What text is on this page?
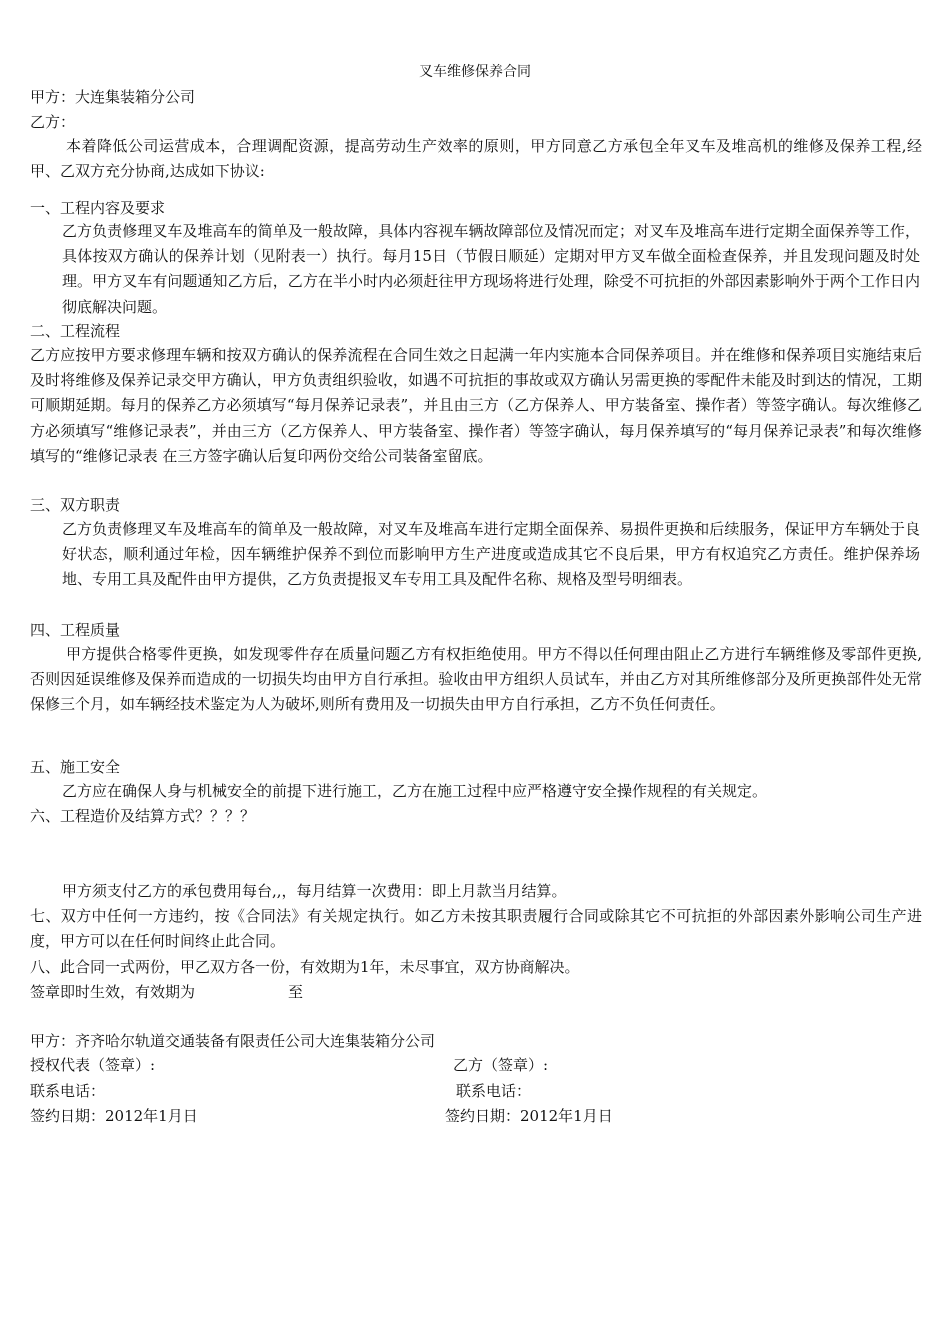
叉车维修保养合同
甲方：大连集装箱分公司
乙方：
本着降低公司运营成本，合理调配资源，提高劳动生产效率的原则，甲方同意乙方承包全年叉车及堆高机的维修及保养工程,经甲、乙双方充分协商,达成如下协议:
一、工程内容及要求
乙方负责修理叉车及堆高车的简单及一般故障，具体内容视车辆故障部位及情况而定；对叉车及堆高车进行定期全面保养等工作，具体按双方确认的保养计划（见附表一）执行。每月15日（节假日顺延）定期对甲方叉车做全面检查保养，并且发现问题及时处理。甲方叉车有问题通知乙方后，乙方在半小时内必须赶往甲方现场将进行处理，除受不可抗拒的外部因素影响外于两个工作日内彻底解决问题。
二、工程流程
乙方应按甲方要求修理车辆和按双方确认的保养流程在合同生效之日起满一年内实施本合同保养项目。并在维修和保养项目实施结束后及时将维修及保养记录交甲方确认，甲方负责组织验收，如遇不可抗拒的事故或双方确认另需更换的零配件未能及时到达的情况，工期可顺期延期。每月的保养乙方必须填写“每月保养记录表”，并且由三方（乙方保养人、甲方装备室、操作者）等签字确认。每次维修乙方必须填写“维修记录表”，并由三方（乙方保养人、甲方装备室、操作者）等签字确认，每月保养填写的“每月保养记录表”和每次维修填写的“维修记录表 在三方签字确认后复印两份交给公司装备室留底。
三、双方职责
乙方负责修理叉车及堆高车的简单及一般故障，对叉车及堆高车进行定期全面保养、易损件更换和后续服务，保证甲方车辆处于良好状态，顺利通过年检，因车辆维护保养不到位而影响甲方生产进度或造成其它不良后果，甲方有权追究乙方责任。维护保养场地、专用工具及配件由甲方提供，乙方负责提报叉车专用工具及配件名称、规格及型号明细表。
四、工程质量
甲方提供合格零件更换，如发现零件存在质量问题乙方有权拒绝使用。甲方不得以任何理由阻止乙方进行车辆维修及零部件更换,否则因延误维修及保养而造成的一切损失均由甲方自行承担。验收由甲方组织人员试车，并由乙方对其所维修部分及所更换部件处无常保修三个月，如车辆经技术鉴定为人为破坏,则所有费用及一切损失由甲方自行承担，乙方不负任何责任。
五、施工安全
乙方应在确保人身与机械安全的前提下进行施工，乙方在施工过程中应严格遵守安全操作规程的有关规定。
六、工程造价及结算方式？？？？
甲方须支付乙方的承包费用每台,,，每月结算一次费用：即上月款当月结算。
七、双方中任何一方违约，按《合同法》有关规定执行。如乙方未按其职责履行合同或除其它不可抗拒的外部因素外影响公司生产进度，甲方可以在任何时间终止此合同。
八、此合同一式两份，甲乙双方各一份，有效期为1年，未尽事宜，双方协商解决。
签章即时生效，有效期为	至
甲方：齐齐哈尔轨道交通装备有限责任公司大连集装箱分公司
授权代表（签章）:	乙方（签章）:
联系电话：	联系电话：
签约日期：2012年1月日	签约日期：2012年1月日
